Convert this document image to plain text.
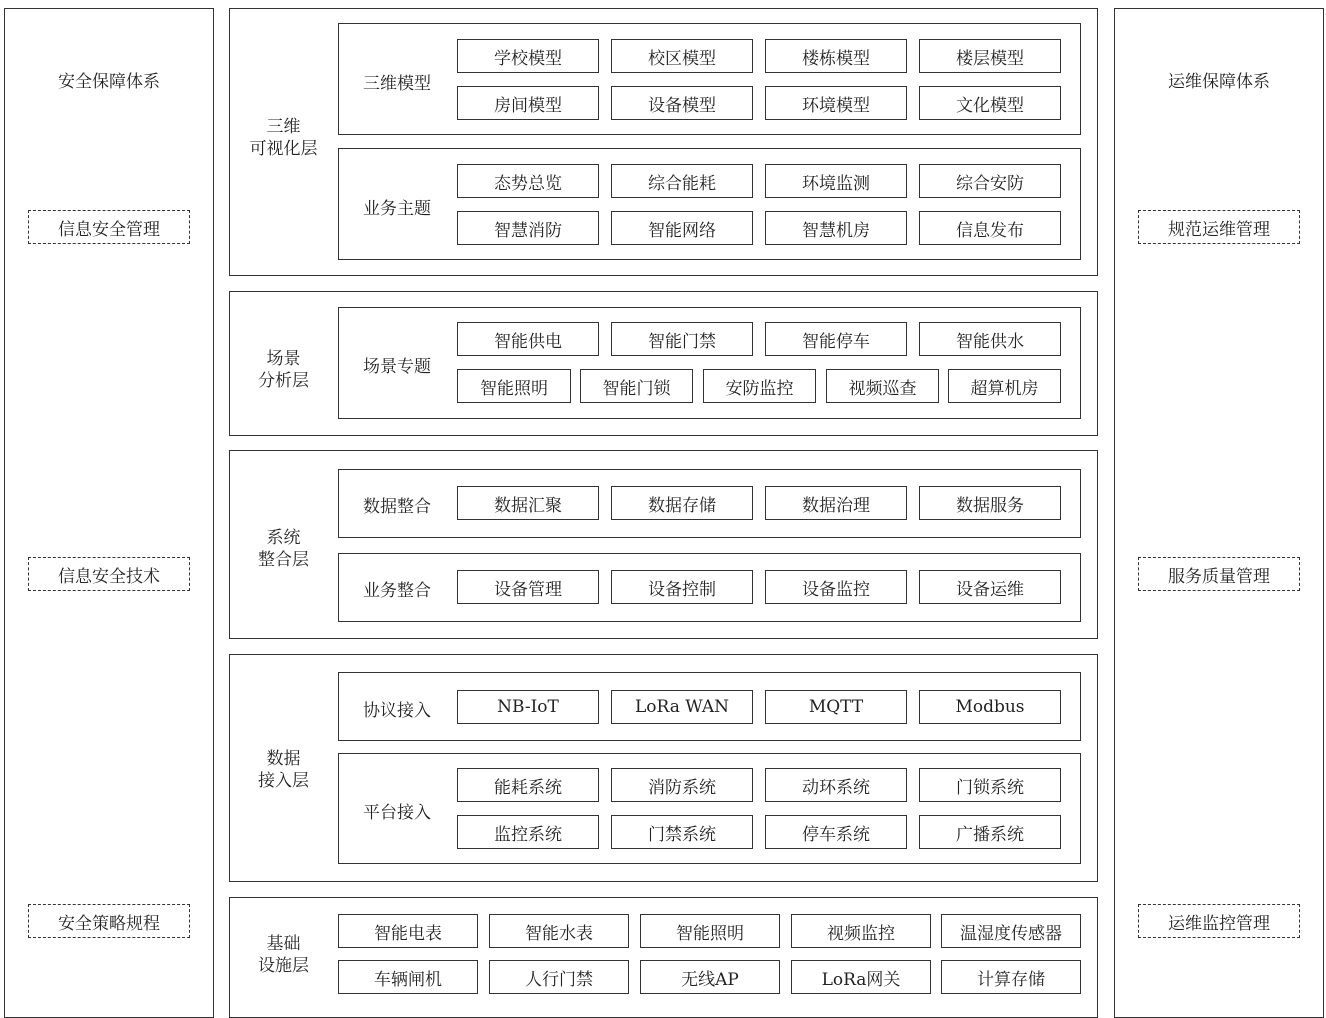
安全保障体系
信息安全管理
信息安全技术
安全策略规程
运维保障体系
规范运维管理
服务质量管理
运维监控管理
三维
可视化层
三维模型
学校模型	校区模型	楼栋模型	楼层模型
房间模型	设备模型	环境模型	文化模型
业务主题
态势总览	综合能耗	环境监测	综合安防
智慧消防	智能网络	智慧机房	信息发布
场景
分析层
场景专题
智能供电	智能门禁	智能停车	智能供水
智能照明	智能门锁	安防监控	视频巡查	超算机房
系统
整合层
数据整合	数据汇聚	数据存储	数据治理	数据服务
业务整合	设备管理	设备控制	设备监控	设备运维
数据
接入层
协议接入	NB-IoT	LoRa WAN	MQTT	Modbus
平台接入
能耗系统	消防系统	动环系统	门锁系统
监控系统	门禁系统	停车系统	广播系统
基础
设施层
智能电表	智能水表	智能照明	视频监控	温湿度传感器
车辆闸机	人行门禁	无线AP	LoRa网关	计算存储
